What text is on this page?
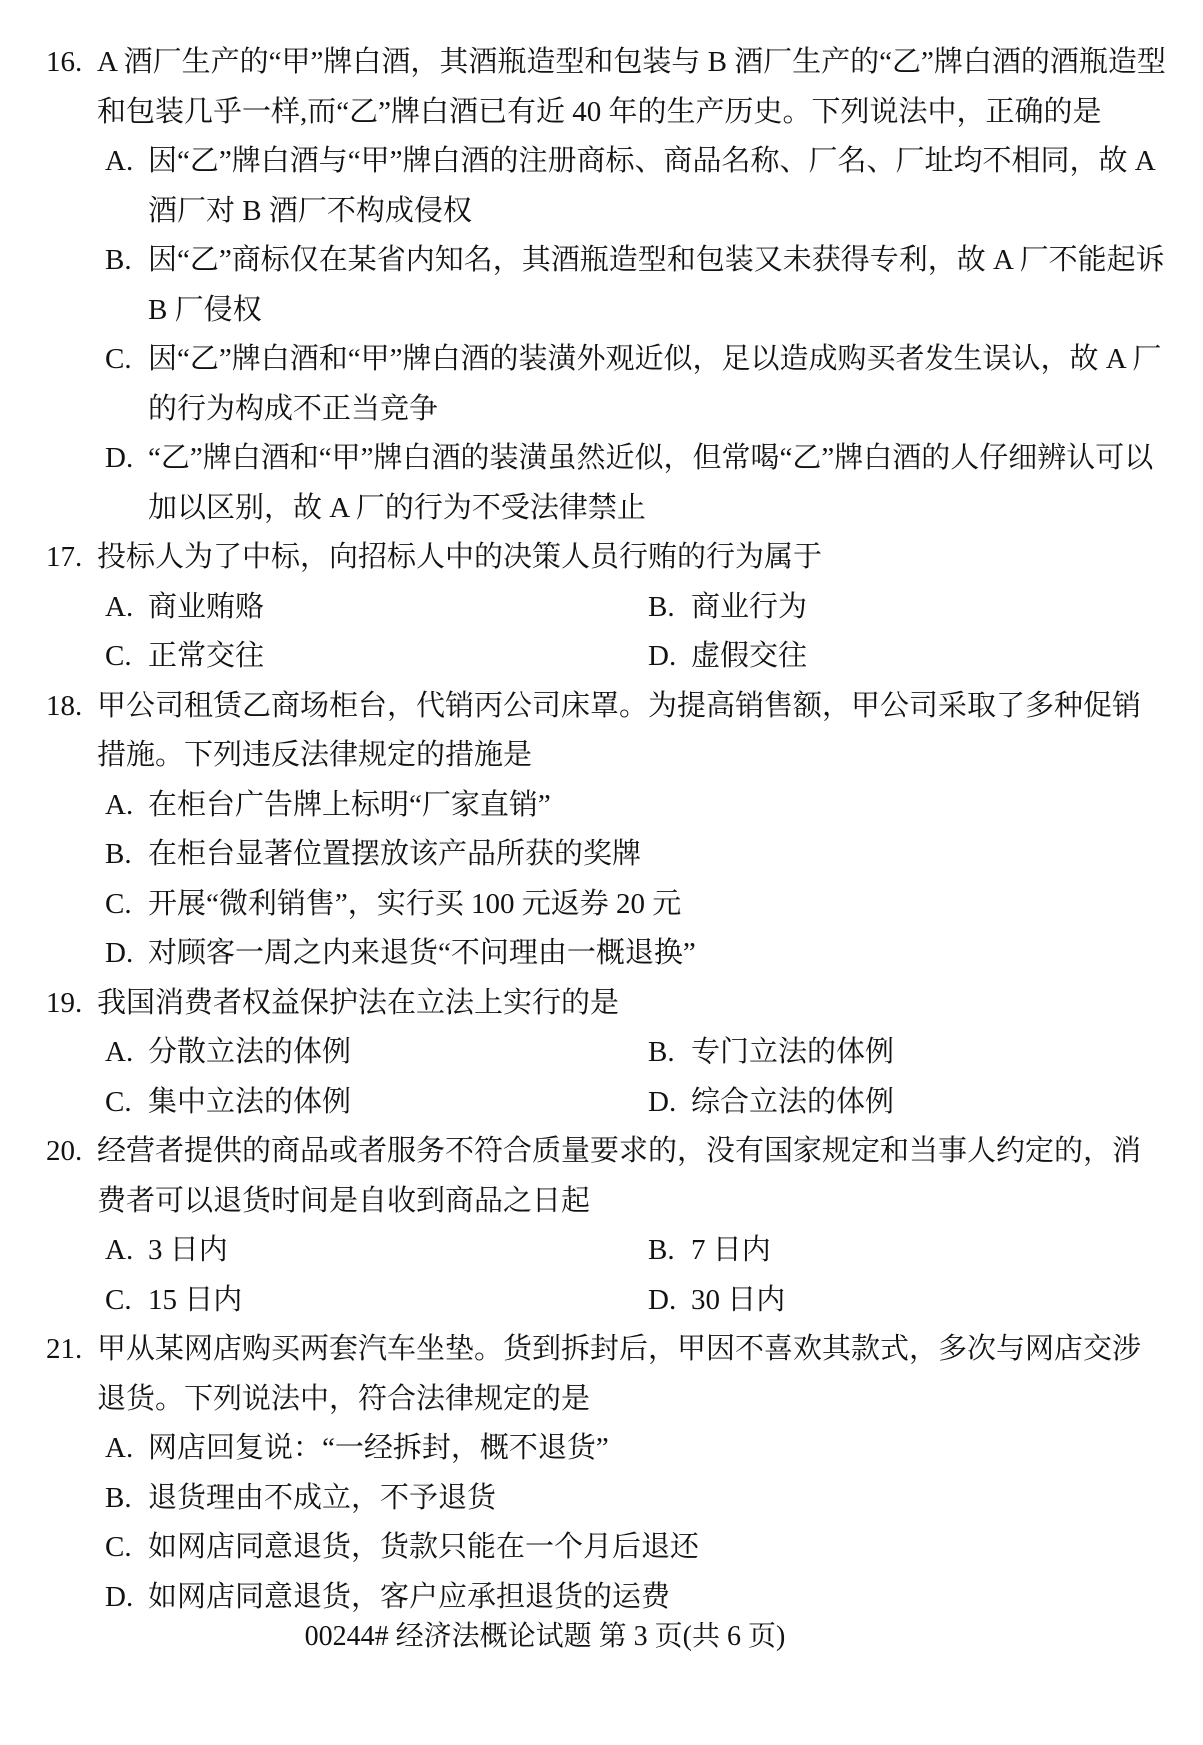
16. A 酒厂生产的“甲”牌白酒，其酒瓶造型和包装与 B 酒厂生产的“乙”牌白酒的酒瓶造型和包装几乎一样,而“乙”牌白酒已有近 40 年的生产历史。下列说法中，正确的是
A. 因“乙”牌白酒与“甲”牌白酒的注册商标、商品名称、厂名、厂址均不相同，故 A 酒厂对 B 酒厂不构成侵权
B. 因“乙”商标仅在某省内知名，其酒瓶造型和包装又未获得专利，故 A 厂不能起诉 B 厂侵权
C. 因“乙”牌白酒和“甲”牌白酒的装潢外观近似，足以造成购买者发生误认，故 A 厂的行为构成不正当竞争
D. “乙”牌白酒和“甲”牌白酒的装潢虽然近似，但常喝“乙”牌白酒的人仔细辨认可以加以区别，故 A 厂的行为不受法律禁止
17. 投标人为了中标，向招标人中的决策人员行贿的行为属于
A. 商业贿赂	B. 商业行为
C. 正常交往	D. 虚假交往
18. 甲公司租赁乙商场柜台，代销丙公司床罩。为提高销售额，甲公司采取了多种促销措施。下列违反法律规定的措施是
A. 在柜台广告牌上标明“厂家直销”
B. 在柜台显著位置摆放该产品所获的奖牌
C. 开展“微利销售”，实行买 100 元返券 20 元
D. 对顾客一周之内来退货“不问理由一概退换”
19. 我国消费者权益保护法在立法上实行的是
A. 分散立法的体例	B. 专门立法的体例
C. 集中立法的体例	D. 综合立法的体例
20. 经营者提供的商品或者服务不符合质量要求的，没有国家规定和当事人约定的，消费者可以退货时间是自收到商品之日起
A. 3 日内	B. 7 日内
C. 15 日内	D. 30 日内
21. 甲从某网店购买两套汽车坐垫。货到拆封后，甲因不喜欢其款式，多次与网店交涉退货。下列说法中，符合法律规定的是
A. 网店回复说：“一经拆封，概不退货”
B. 退货理由不成立，不予退货
C. 如网店同意退货，货款只能在一个月后退还
D. 如网店同意退货，客户应承担退货的运费
00244# 经济法概论试题 第 3 页(共 6 页)
